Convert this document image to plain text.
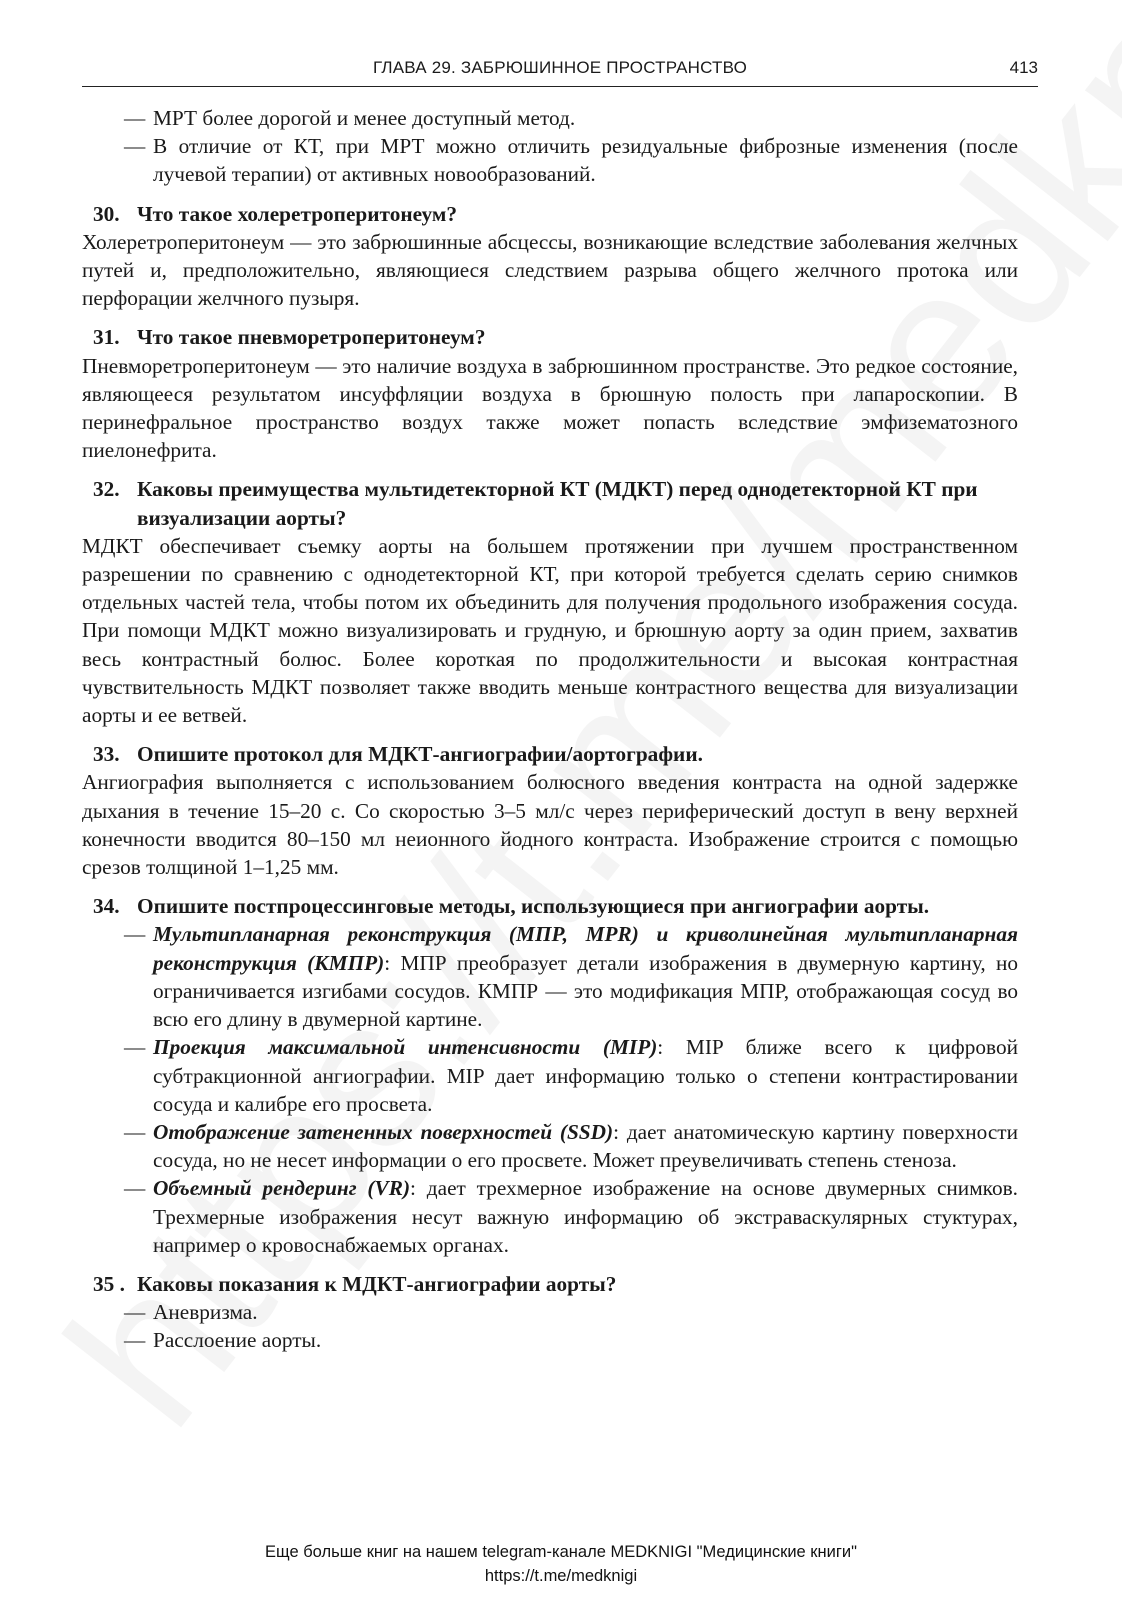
ГЛАВА 29. ЗАБРЮШИННОЕ ПРОСТРАНСТВО	413

— МРТ более дорогой и менее доступный метод.

— В отличие от КТ, при МРТ можно отличить резидуальные фиброзные изменения (после лучевой терапии) от активных новообразований.

30. Что такое холеретроперитонеум?

Холеретроперитонеум — это забрюшинные абсцессы, возникающие вследствие заболевания желчных путей и, предположительно, являющиеся следствием разрыва общего желчного протока или перфорации желчного пузыря.

31. Что такое пневморетроперитонеум?

Пневморетроперитонеум — это наличие воздуха в забрюшинном пространстве. Это редкое состояние, являющееся результатом инсуффляции воздуха в брюшную полость при лапароскопии. В перинефральное пространство воздух также может попасть вследствие эмфизематозного пиелонефрита.

32. Каковы преимущества мультидетекторной КТ (МДКТ) перед однодетекторной КТ при визуализации аорты?

МДКТ обеспечивает съемку аорты на большем протяжении при лучшем пространственном разрешении по сравнению с однодетекторной КТ, при которой требуется сделать серию снимков отдельных частей тела, чтобы потом их объединить для получения продольного изображения сосуда. При помощи МДКТ можно визуализировать и грудную, и брюшную аорту за один прием, захватив весь контрастный болюс. Более короткая по продолжительности и высокая контрастная чувствительность МДКТ позволяет также вводить меньше контрастного вещества для визуализации аорты и ее ветвей.

33. Опишите протокол для МДКТ-ангиографии/аортографии.

Ангиография выполняется с использованием болюсного введения контраста на одной задержке дыхания в течение 15–20 с. Со скоростью 3–5 мл/с через периферический доступ в вену верхней конечности вводится 80–150 мл неионного йодного контраста. Изображение строится с помощью срезов толщиной 1–1,25 мм.

34. Опишите постпроцессинговые методы, использующиеся при ангиографии аорты.

— Мультипланарная реконструкция (МПР, MPR) и криволинейная мультипланарная реконструкция (КМПР): МПР преобразует детали изображения в двумерную картину, но ограничивается изгибами сосудов. КМПР — это модификация МПР, отображающая сосуд во всю его длину в двумерной картине.

— Проекция максимальной интенсивности (MIP): MIP ближе всего к цифровой субтракционной ангиографии. MIP дает информацию только о степени контрастировании сосуда и калибре его просвета.

— Отображение затененных поверхностей (SSD): дает анатомическую картину поверхности сосуда, но не несет информации о его просвете. Может преувеличивать степень стеноза.

— Объемный рендеринг (VR): дает трехмерное изображение на основе двумерных снимков. Трехмерные изображения несут важную информацию об экстраваскулярных стуктурах, например о кровоснабжаемых органах.

35 . Каковы показания к МДКТ-ангиографии аорты?

— Аневризма.

— Расслоение аорты.

Еще больше книг на нашем telegram-канале MEDKNIGI "Медицинские книги"
https://t.me/medknigi
